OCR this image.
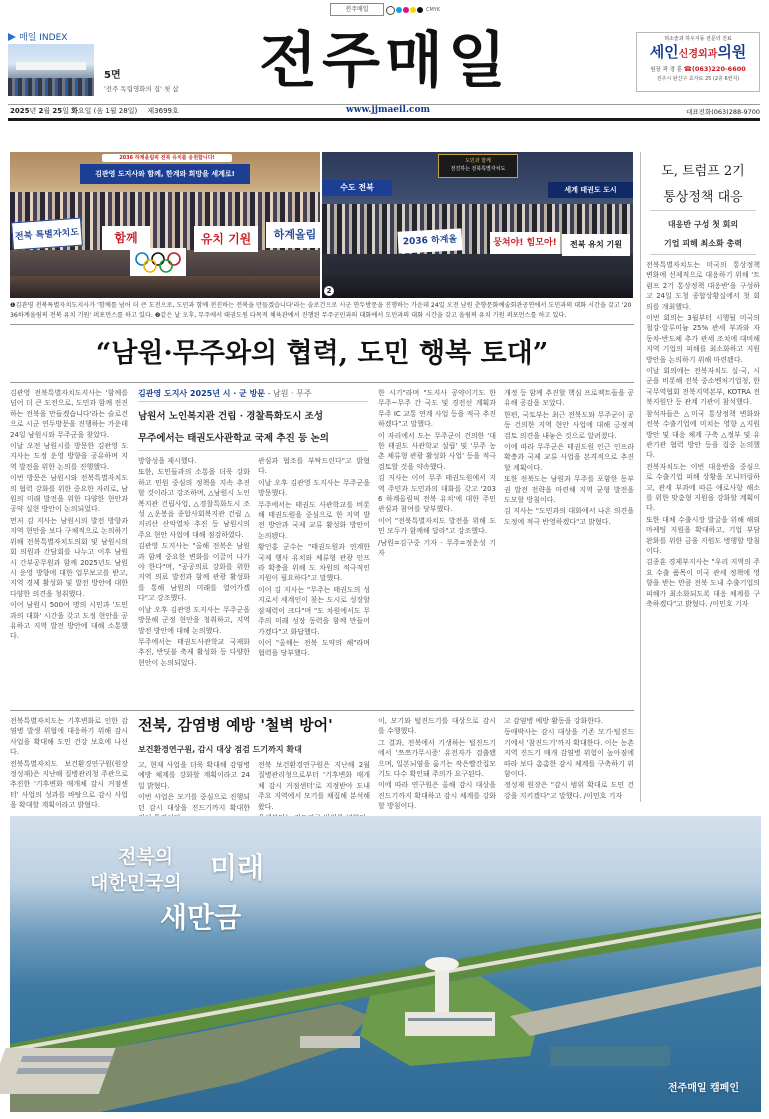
전주매일	CMYK
매일 INDEX
5면
'전주 독립영화의 집' 첫 삽 전주매일	혀소술과 하우지동 전문의 진료
세인신경외과의원
원장 곽 경 훈 ☎(063)220-6600
전주시 완산구 효자로 25 (2층 6번지)
2025년 2월 25일 화요일 (음 1월 28일) 제3699호	www.jjmaeil.com	대표전화(063)288-9700
2036 하계올림픽 전북 유치를 응원합니다!
김관영 도지사와 함께, 한계와 희망을 세계로!
전북 특별자치도	함께	유치 기원	하계올림
도민과 함께
전진하는 전북특별자치도
수도 전북	세계 태권도 도시
2036 하계올	뭉쳐야! 힘모아!	전북 유치 기원
2
❶김관영 전북특별자치도지사가 '함께를 넘어 더 큰 도전으로, 도민과 함께 전진하는 전북을 만들겠습니다'라는 슬로건으로 시군 연두방문을 진행하는 가운데 24일 오전 남원 춘향문화예술회관공연에서 도민과의 대화 시간을 갖고 '2036하계올림픽 전북 유치 기원' 퍼포먼스를 하고 있다. ❷같은 날 오후, 무주에서 태권도원 다목적 체육관에서 진행된 무주군민과의 대화에서 도민과의 대화 시간을 갖고 올림픽 유치 기원 퍼포먼스를 하고 있다.
“남원·무주와의 협력, 도민 행복 토대”

김관영 전북특별자치도지사는 '함께를 넘어 더 큰 도전으로, 도민과 함께 전진하는 전북을 만들겠습니다'라는 슬로건으로 시군 연두방문을 진행하는 가운데 24일 남원시와 무주군을 찾았다.

이날 오전 남원시를 방문한 김관영 도지사는 도정 운영 방향을 공유하며 지역 발전을 위한 논의를 진행했다.

이번 방문은 남원시와 전북특별자치도의 협력 강화를 위한 중요한 자리로, 남원의 미래 발전을 위한 다양한 현안과 공약 실현 방안이 논의되었다.

먼저 김 지사는 남원시의 발전 방향과 지역 현안을 보다 구체적으로 논의하기 위해 전북특별자치도의회 및 남원시의회 의원과 간담회를 나누고 이후 남원시 간부공무원과 함께 2025년도 남원시 운영 방향에 대한 업무보고를 받고, 지역 경제 활성화 및 발전 방안에 대한 다양한 의견을 청취했다.

이어 남원시 500여 명의 시민과 '도민과의 대화' 시간을 갖고 도정 현안을 공유하고 지역 발전 방안에 대해 소통했다.

김관영 도지사 2025년 시 · 군 방문 - 남원 · 무주
남원서 노인복지관 건립 · 경찰특화도시 조성
무주에서는 태권도사관학교 국제 추진 등 논의

방향성을 제시했다.

또한, 도민들과의 소통을 더욱 강화하고 민원 중심의 정책을 지속 추진할 것이라고 강조하며, △남원시 노인복지관 건립사업, △경찰특화도시 조성 △운봉읍 종합사회복지관 건립 △지리산 산악열차 추진 등 남원시의 주요 현안 사업에 대해 점검하였다.

김관영 도지사는 "올해 전북은 남원과 함께 중요한 변화를 이끌어 나가야 한다"며, "공공의료 강화를 위한 지역 의료 발전과 함께 관광 활성화를 통해 남원의 미래를 열어가겠다"고 강조했다.

이날 오후 김관영 도지사는 무주군을 방문해 군정 현안을 청취하고, 지역 발전 방안에 대해 논의했다.

무주에서는 태권도사관학교 국제화 추진, 반딧불 축제 활성화 등 다양한 현안이 논의되었다.

관심과 협조를 부탁드린다"고 밝혔다.

이날 오후 김관영 도지사는 무주군을 방문했다.

무주에서는 태권도 사관학교를 비롯해 태권도원을 중심으로 한 지역 발전 방안과 국제 교류 활성화 방안이 논의됐다.

황인홍 군수는 "태권도원과 연계한 국제 행사 유치와 체류형 관광 인프라 확충을 위해 도 차원의 적극적인 지원이 필요하다"고 말했다.

이어 김 지사는 "무주는 태권도의 성지로서 세계인이 찾는 도시로 성장할 잠재력이 크다"며 "도 차원에서도 무주의 미래 성장 동력을 함께 만들어가겠다"고 화답했다.

이어 "올해는 전북 도약의 해"라며 협력을 당부했다.

한 시기"라며 "도지사 공약이기도 한 무주~무주 간 국도 및 경전선 계획과 무주 IC 교통 연계 사업 등을 적극 추진하겠다"고 말했다.

이 자리에서 도는 무주군이 건의한 '대한 태권도 사관학교 설립' 및 '무주 농촌 체류형 관광 활성화 사업' 등을 적극 검토할 것을 약속했다.

김 지사는 이어 무주 태권도원에서 지역 주민과 도민과의 대화를 갖고 '2036 하계올림픽 전북 유치'에 대한 주민 관심과 참여를 당부했다.

이어 "전북특별자치도 발전을 위해 도민 모두가 함께해 달라"고 강조했다.

/남원=김구중 기자 · 무주=정운성 기자

개정 등 함께 추진할 핵심 프로젝트들을 공유해 공감을 모았다.

한편, 국토부는 최근 전북도와 무주군이 공동 건의한 지역 현안 사업에 대해 긍정적 검토 의견을 내놓은 것으로 알려졌다.

이에 따라 무주군은 태권도원 인근 인프라 확충과 국제 교류 사업을 본격적으로 추진할 계획이다.

또한 전북도는 남원과 무주를 포함한 동부권 발전 전략을 마련해 지역 균형 발전을 도모할 방침이다.

김 지사는 "도민과의 대화에서 나온 의견을 도정에 적극 반영하겠다"고 밝혔다.

도, 트럼프 2기
통상정책 대응
대응반 구성 첫 회의
기업 피해 최소화 총력

전북특별자치도는 미국의 통상정책 변화에 선제적으로 대응하기 위해 '트럼프 2기 통상정책 대응반'을 구성하고 24일 도청 종합상황실에서 첫 회의를 개최했다.

이번 회의는 3월부터 시행될 미국의 철강·알루미늄 25% 관세 부과와 자동차·반도체 추가 관세 조치에 대비해 지역 기업의 피해를 최소화하고 지원 방안을 논의하기 위해 마련됐다.

이날 회의에는 전북자치도 실·국, 시군을 비롯해 전북 중소벤처기업청, 한국무역협회 전북지역본부, KOTRA 전북지원단 등 관계 기관이 참석했다.

참석자들은 △미국 통상정책 변화와 전북 수출기업에 미치는 영향 △지원방안 및 대응 체계 구축 △정부 및 유관기관 협력 방안 등을 집중 논의했다.

전북자치도는 이번 대응반을 중심으로 수출기업 피해 상황을 모니터링하고, 관세 부과에 따른 애로사항 해소를 위한 맞춤형 지원을 강화할 계획이다.

또한 대체 수출시장 발굴을 위해 해외 마케팅 지원을 확대하고, 기업 부담 완화를 위한 금융 지원도 병행할 방침이다.

김종훈 경제부지사는 "우리 지역의 주요 수출 품목이 미국 관세 정책에 영향을 받는 만큼 전북 도내 수출기업의 피해가 최소화되도록 대응 체계를 구축하겠다"고 밝혔다. /이민호 기자

전북특별자치도는 기후변화로 인한 감염병 발생 위협에 대응하기 위해 감시 사업을 확대해 도민 건강 보호에 나선다.

전북특별자치도 보건환경연구원(원장 정성재)은 지난해 질병관리청 주관으로 추진한 '기후변화 매개체 감시 거점센터' 사업의 성과를 바탕으로 감시 사업을 확대할 계획이라고 밝혔다.

전북, 감염병 예방 '철벽 방어'
보건환경연구원, 감시 대상 점검 드기까지 확대

고, 현재 사업을 더욱 확대해 감염병 예방 체계를 강화할 계획이라고 24일 밝혔다.

이번 사업은 모기를 중심으로 진행되던 감시 대상을 진드기까지 확대한

전북 보건환경연구원은 지난해 2월 질병관리청으로부터 '기후변화 매개체 감시 거점센터'로 지정받아 도내 주요 지역에서 모기를 채집해 분석해왔다.

이, 모기와 털진드기를 대상으로 감시를 수행했다.

그 결과, 전북에서 기생하는 털진드기에서 '쯔쯔가무시증' 유전자가 검출됐으며, 일본뇌염을 옮기는 작은빨간집모기도 다수 확인돼 주의가 요구된다.

이에 따라 연구원은 올해 감시 대상을 진드기까지 확대하고 감시 체계를 강화할 방침이다.

고 감염병 예방 활동을 강화한다.

동애박사는 감시 대상을 기존 모기·털진드기에서 '참진드기'까지 확대한다. 이는 농촌 지역 진드기 매개 감염병 위험이 높아짐에 따라 보다 촘촘한 감시 체계를 구축하기 위함이다.

정성재 원장은 "감시 범위 확대로 도민 건강을 지키겠다"고 말했다. /이민호 기자

전북의
대한민국의 미래
새만금
전주매일 캠페인
